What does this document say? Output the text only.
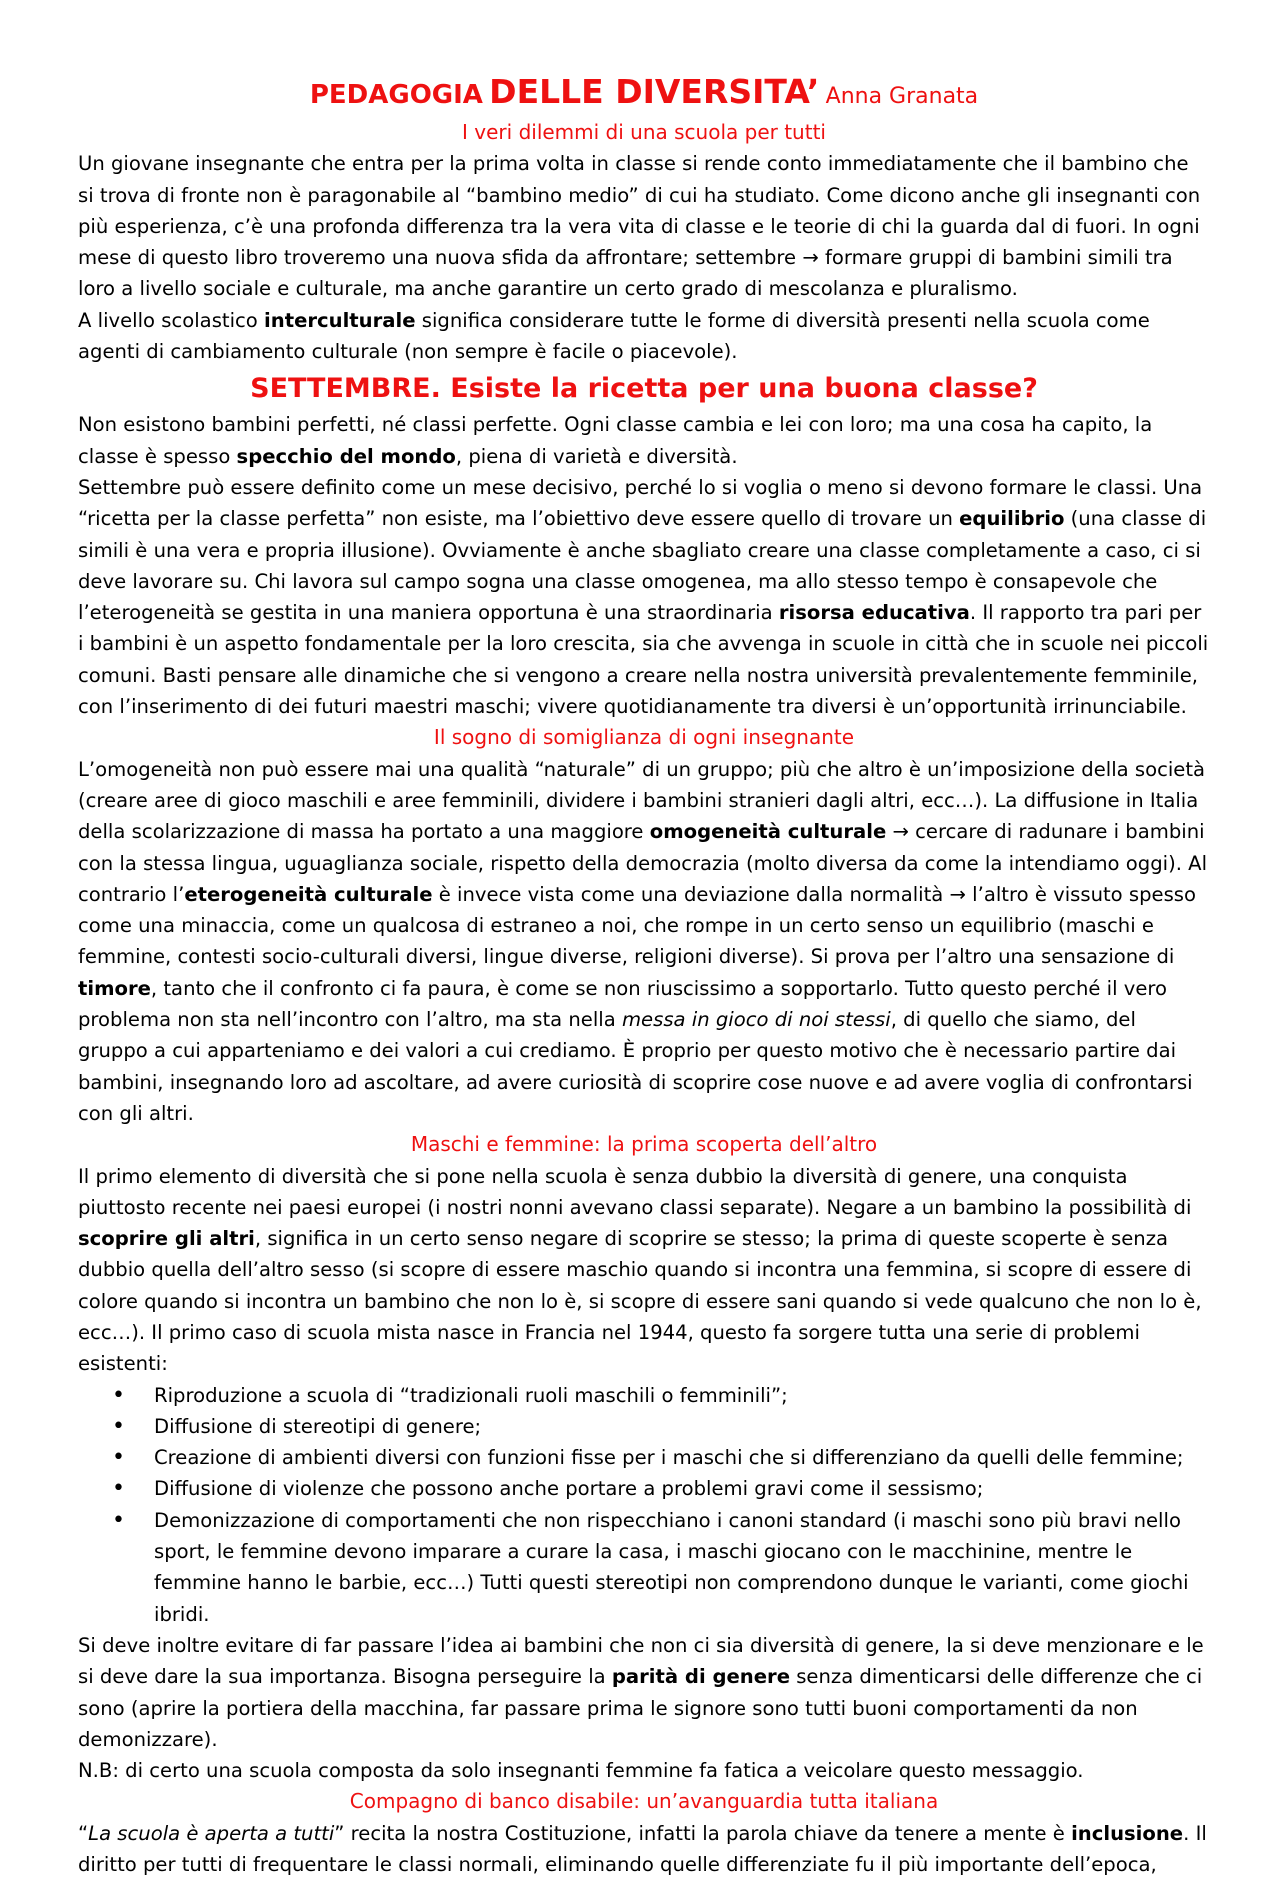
PEDAGOGIA DELLE DIVERSITA’ Anna Granata
I veri dilemmi di una scuola per tutti

Un giovane insegnante che entra per la prima volta in classe si rende conto immediatamente che il bambino che si trova di fronte non è paragonabile al “bambino medio” di cui ha studiato. Come dicono anche gli insegnanti con più esperienza, c’è una profonda differenza tra la vera vita di classe e le teorie di chi la guarda dal di fuori. In ogni mese di questo libro troveremo una nuova sfida da affrontare; settembre → formare gruppi di bambini simili tra loro a livello sociale e culturale, ma anche garantire un certo grado di mescolanza e pluralismo.

A livello scolastico interculturale significa considerare tutte le forme di diversità presenti nella scuola come agenti di cambiamento culturale (non sempre è facile o piacevole).

SETTEMBRE. Esiste la ricetta per una buona classe?

Non esistono bambini perfetti, né classi perfette. Ogni classe cambia e lei con loro; ma una cosa ha capito, la classe è spesso specchio del mondo, piena di varietà e diversità.

Settembre può essere definito come un mese decisivo, perché lo si voglia o meno si devono formare le classi. Una “ricetta per la classe perfetta” non esiste, ma l’obiettivo deve essere quello di trovare un equilibrio (una classe di simili è una vera e propria illusione). Ovviamente è anche sbagliato creare una classe completamente a caso, ci si deve lavorare su. Chi lavora sul campo sogna una classe omogenea, ma allo stesso tempo è consapevole che l’eterogeneità se gestita in una maniera opportuna è una straordinaria risorsa educativa. Il rapporto tra pari per i bambini è un aspetto fondamentale per la loro crescita, sia che avvenga in scuole in città che in scuole nei piccoli comuni. Basti pensare alle dinamiche che si vengono a creare nella nostra università prevalentemente femminile, con l’inserimento di dei futuri maestri maschi; vivere quotidianamente tra diversi è un’opportunità irrinunciabile.

Il sogno di somiglianza di ogni insegnante

L’omogeneità non può essere mai una qualità “naturale” di un gruppo; più che altro è un’imposizione della società (creare aree di gioco maschili e aree femminili, dividere i bambini stranieri dagli altri, ecc…). La diffusione in Italia della scolarizzazione di massa ha portato a una maggiore omogeneità culturale → cercare di radunare i bambini con la stessa lingua, uguaglianza sociale, rispetto della democrazia (molto diversa da come la intendiamo oggi). Al contrario l’eterogeneità culturale è invece vista come una deviazione dalla normalità → l’altro è vissuto spesso come una minaccia, come un qualcosa di estraneo a noi, che rompe in un certo senso un equilibrio (maschi e femmine, contesti socio-culturali diversi, lingue diverse, religioni diverse). Si prova per l’altro una sensazione di timore, tanto che il confronto ci fa paura, è come se non riuscissimo a sopportarlo. Tutto questo perché il vero problema non sta nell’incontro con l’altro, ma sta nella messa in gioco di noi stessi, di quello che siamo, del gruppo a cui apparteniamo e dei valori a cui crediamo. È proprio per questo motivo che è necessario partire dai bambini, insegnando loro ad ascoltare, ad avere curiosità di scoprire cose nuove e ad avere voglia di confrontarsi con gli altri.

Maschi e femmine: la prima scoperta dell’altro

Il primo elemento di diversità che si pone nella scuola è senza dubbio la diversità di genere, una conquista piuttosto recente nei paesi europei (i nostri nonni avevano classi separate). Negare a un bambino la possibilità di scoprire gli altri, significa in un certo senso negare di scoprire se stesso; la prima di queste scoperte è senza dubbio quella dell’altro sesso (si scopre di essere maschio quando si incontra una femmina, si scopre di essere di colore quando si incontra un bambino che non lo è, si scopre di essere sani quando si vede qualcuno che non lo è, ecc…). Il primo caso di scuola mista nasce in Francia nel 1944, questo fa sorgere tutta una serie di problemi esistenti:

• Riproduzione a scuola di “tradizionali ruoli maschili o femminili”;
• Diffusione di stereotipi di genere;
• Creazione di ambienti diversi con funzioni fisse per i maschi che si differenziano da quelli delle femmine;
• Diffusione di violenze che possono anche portare a problemi gravi come il sessismo;
• Demonizzazione di comportamenti che non rispecchiano i canoni standard (i maschi sono più bravi nello sport, le femmine devono imparare a curare la casa, i maschi giocano con le macchinine, mentre le femmine hanno le barbie, ecc…) Tutti questi stereotipi non comprendono dunque le varianti, come giochi ibridi.

Si deve inoltre evitare di far passare l’idea ai bambini che non ci sia diversità di genere, la si deve menzionare e le si deve dare la sua importanza. Bisogna perseguire la parità di genere senza dimenticarsi delle differenze che ci sono (aprire la portiera della macchina, far passare prima le signore sono tutti buoni comportamenti da non demonizzare).

N.B: di certo una scuola composta da solo insegnanti femmine fa fatica a veicolare questo messaggio.

Compagno di banco disabile: un’avanguardia tutta italiana

“La scuola è aperta a tutti” recita la nostra Costituzione, infatti la parola chiave da tenere a mente è inclusione. Il diritto per tutti di frequentare le classi normali, eliminando quelle differenziate fu il più importante dell’epoca,
